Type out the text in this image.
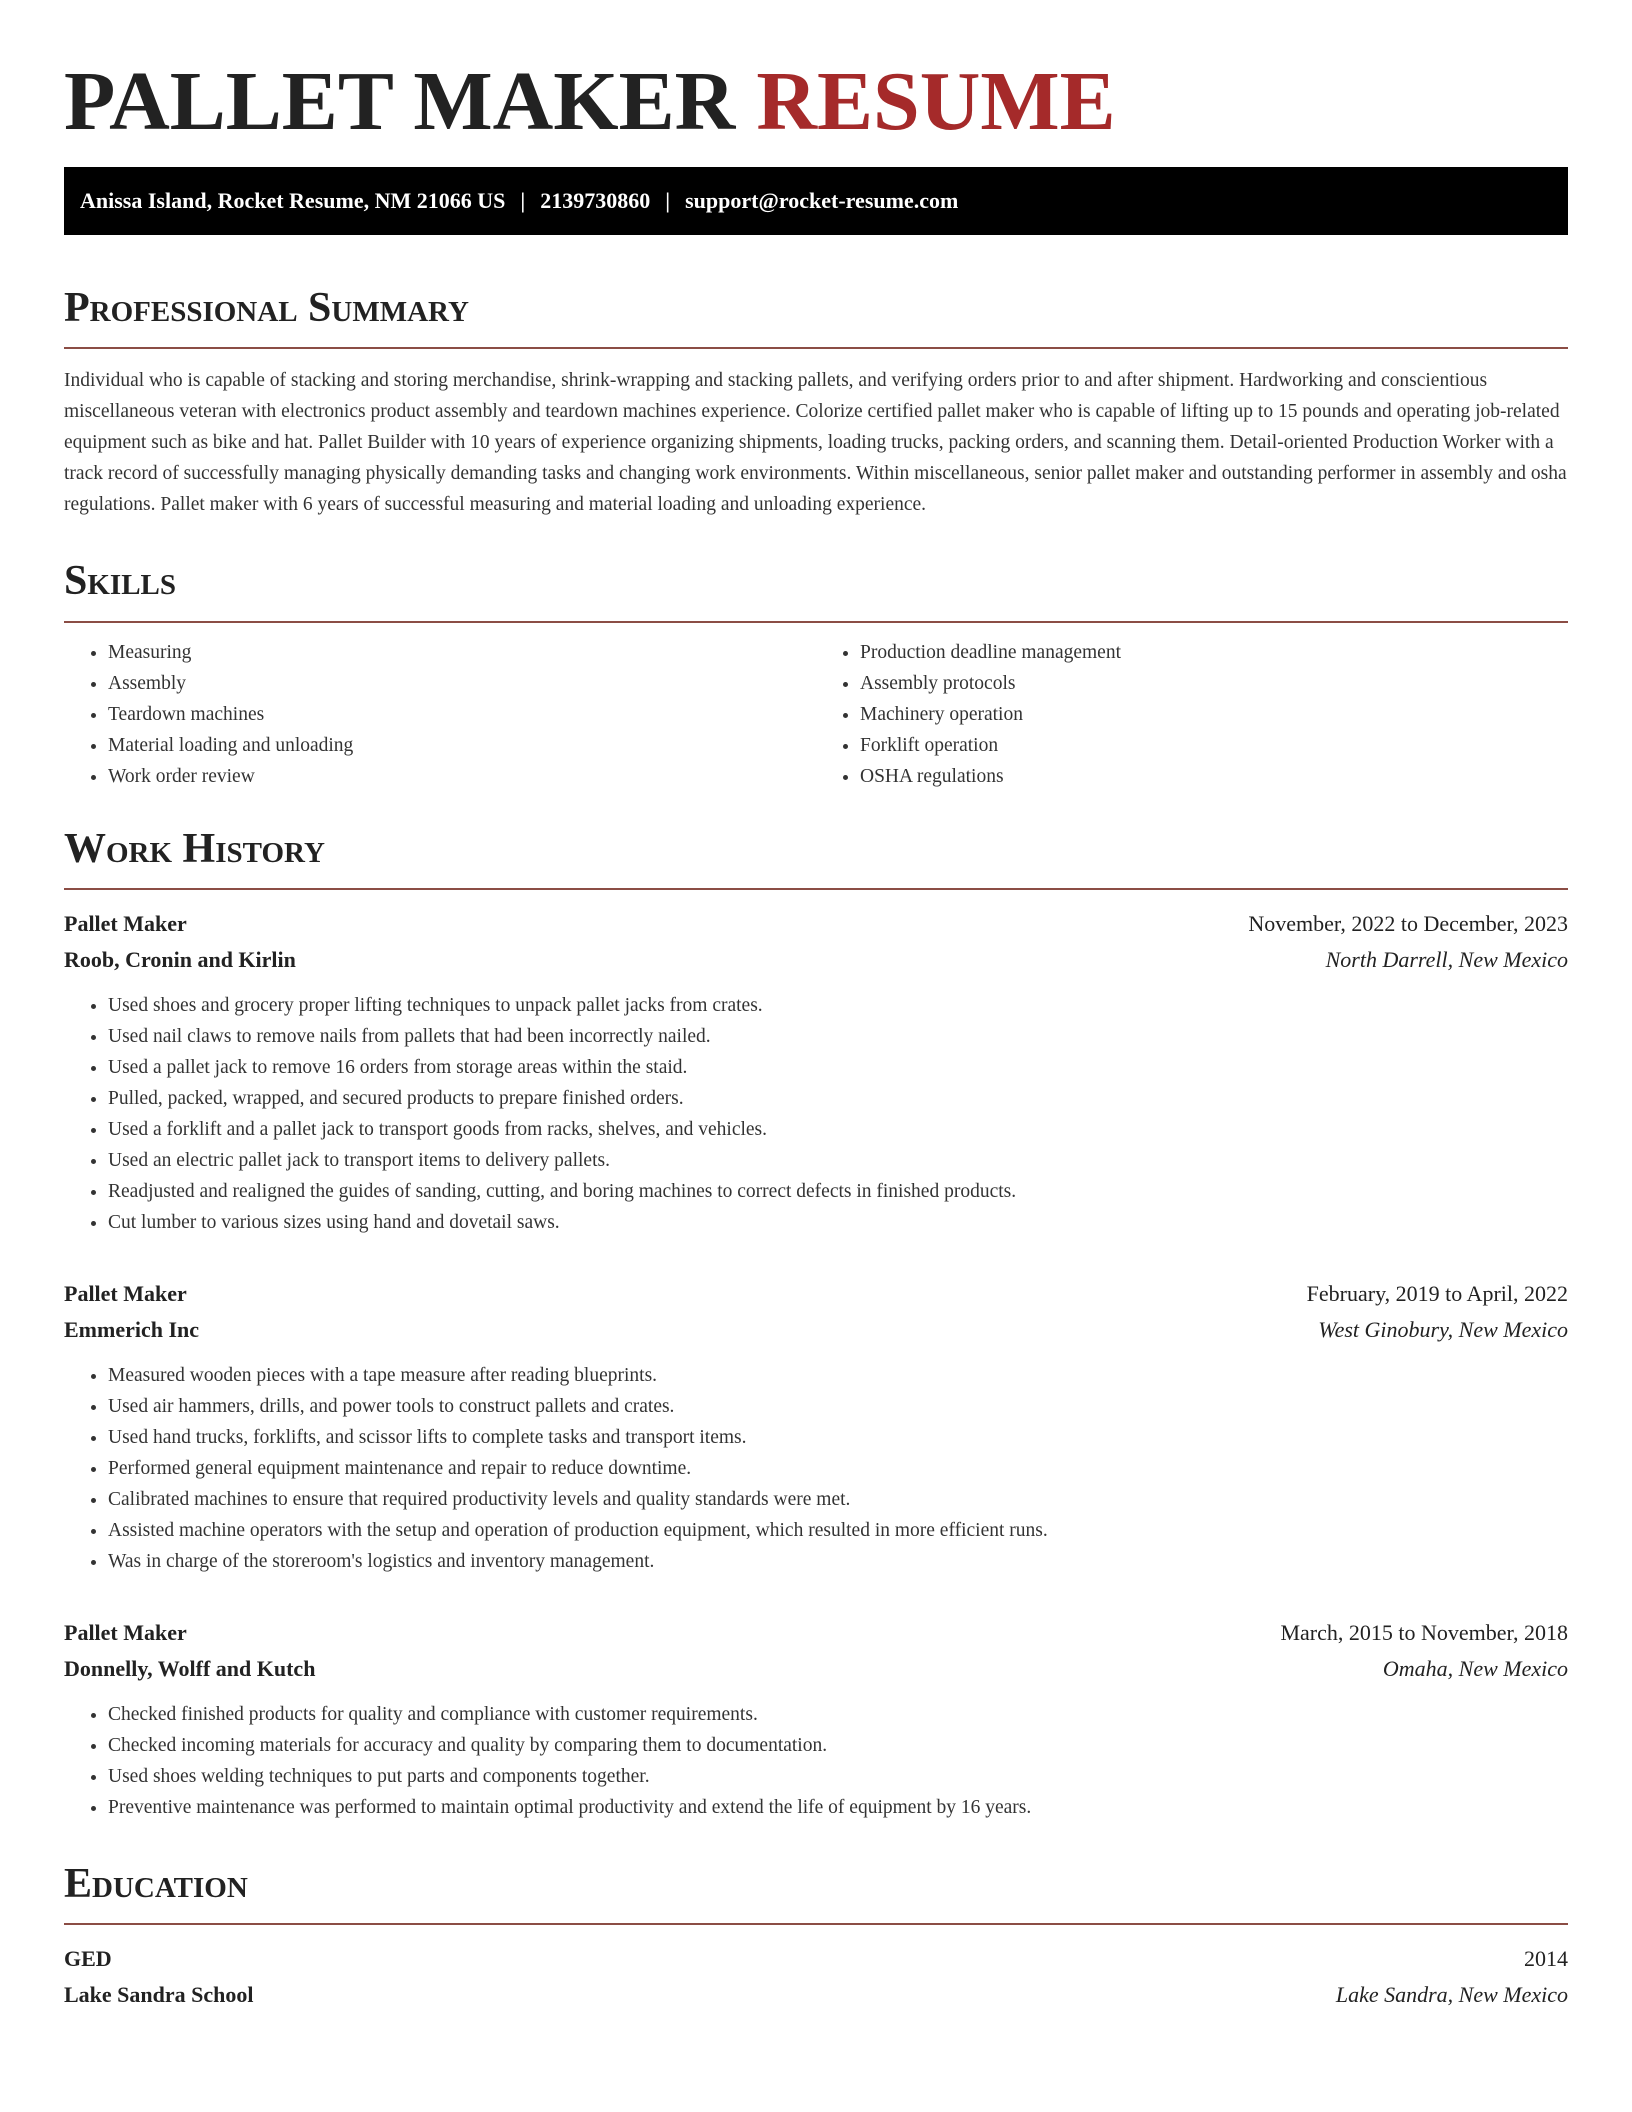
PALLET MAKER RESUME
Anissa Island, Rocket Resume, NM 21066 US | 2139730860 | support@rocket-resume.com
Professional Summary

Individual who is capable of stacking and storing merchandise, shrink-wrapping and stacking pallets, and verifying orders prior to and after shipment. Hardworking and conscientious miscellaneous veteran with electronics product assembly and teardown machines experience. Colorize certified pallet maker who is capable of lifting up to 15 pounds and operating job-related equipment such as bike and hat. Pallet Builder with 10 years of experience organizing shipments, loading trucks, packing orders, and scanning them. Detail-oriented Production Worker with a track record of successfully managing physically demanding tasks and changing work environments. Within miscellaneous, senior pallet maker and outstanding performer in assembly and osha regulations. Pallet maker with 6 years of successful measuring and material loading and unloading experience.

Skills
• Measuring
• Assembly
• Teardown machines
• Material loading and unloading
• Work order review
• Production deadline management
• Assembly protocols
• Machinery operation
• Forklift operation
• OSHA regulations
Work History
Pallet Maker	November, 2022 to December, 2023
Roob, Cronin and Kirlin	North Darrell, New Mexico
• Used shoes and grocery proper lifting techniques to unpack pallet jacks from crates.
• Used nail claws to remove nails from pallets that had been incorrectly nailed.
• Used a pallet jack to remove 16 orders from storage areas within the staid.
• Pulled, packed, wrapped, and secured products to prepare finished orders.
• Used a forklift and a pallet jack to transport goods from racks, shelves, and vehicles.
• Used an electric pallet jack to transport items to delivery pallets.
• Readjusted and realigned the guides of sanding, cutting, and boring machines to correct defects in finished products.
• Cut lumber to various sizes using hand and dovetail saws.
Pallet Maker	February, 2019 to April, 2022
Emmerich Inc	West Ginobury, New Mexico
• Measured wooden pieces with a tape measure after reading blueprints.
• Used air hammers, drills, and power tools to construct pallets and crates.
• Used hand trucks, forklifts, and scissor lifts to complete tasks and transport items.
• Performed general equipment maintenance and repair to reduce downtime.
• Calibrated machines to ensure that required productivity levels and quality standards were met.
• Assisted machine operators with the setup and operation of production equipment, which resulted in more efficient runs.
• Was in charge of the storeroom's logistics and inventory management.
Pallet Maker	March, 2015 to November, 2018
Donnelly, Wolff and Kutch	Omaha, New Mexico
• Checked finished products for quality and compliance with customer requirements.
• Checked incoming materials for accuracy and quality by comparing them to documentation.
• Used shoes welding techniques to put parts and components together.
• Preventive maintenance was performed to maintain optimal productivity and extend the life of equipment by 16 years.
Education
GED	2014
Lake Sandra School	Lake Sandra, New Mexico
